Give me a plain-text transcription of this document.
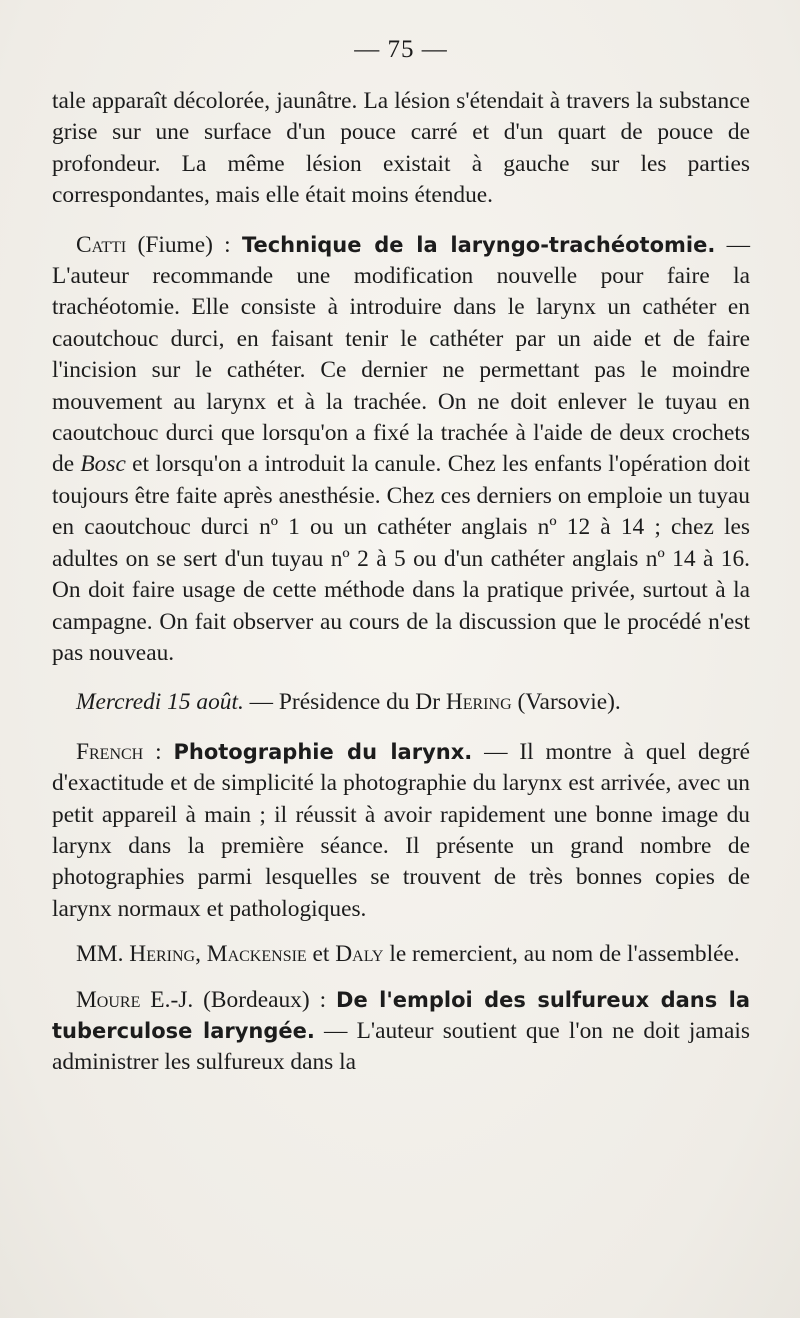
— 75 —

tale apparaît décolorée, jaunâtre. La lésion s'étendait à travers la substance grise sur une surface d'un pouce carré et d'un quart de pouce de profondeur. La même lésion existait à gauche sur les parties correspondantes, mais elle était moins étendue.

Catti (Fiume) : Technique de la laryngo-trachéotomie. — L'auteur recommande une modification nouvelle pour faire la trachéotomie. Elle consiste à introduire dans le larynx un cathéter en caoutchouc durci, en faisant tenir le cathéter par un aide et de faire l'incision sur le cathéter. Ce dernier ne permettant pas le moindre mouvement au larynx et à la trachée. On ne doit enlever le tuyau en caoutchouc durci que lorsqu'on a fixé la trachée à l'aide de deux crochets de Bosc et lorsqu'on a introduit la canule. Chez les enfants l'opération doit toujours être faite après anesthésie. Chez ces derniers on emploie un tuyau en caoutchouc durci nº 1 ou un cathéter anglais nº 12 à 14 ; chez les adultes on se sert d'un tuyau nº 2 à 5 ou d'un cathéter anglais nº 14 à 16. On doit faire usage de cette méthode dans la pratique privée, surtout à la campagne. On fait observer au cours de la discussion que le procédé n'est pas nouveau.

Mercredi 15 août. — Présidence du Dr Hering (Varsovie).

French : Photographie du larynx. — Il montre à quel degré d'exactitude et de simplicité la photographie du larynx est arrivée, avec un petit appareil à main ; il réussit à avoir rapidement une bonne image du larynx dans la première séance. Il présente un grand nombre de photographies parmi lesquelles se trouvent de très bonnes copies de larynx normaux et pathologiques.

MM. Hering, Mackensie et Daly le remercient, au nom de l'assemblée.

Moure E.-J. (Bordeaux) : De l'emploi des sulfureux dans la tuberculose laryngée. — L'auteur soutient que l'on ne doit jamais administrer les sulfureux dans la
